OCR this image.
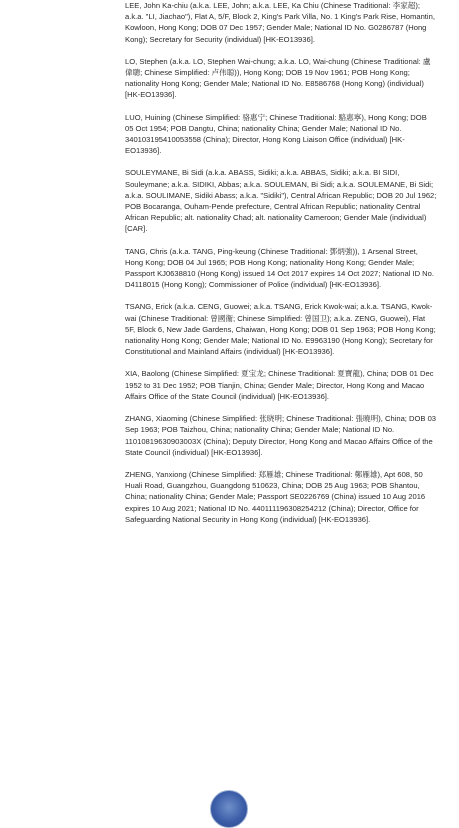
LEE, John Ka-chiu (a.k.a. LEE, John; a.k.a. LEE, Ka Chiu (Chinese Traditional: 李家超); a.k.a. "LI, Jiachao"), Flat A, 5/F, Block 2, King's Park Villa, No. 1 King's Park Rise, Homantin, Kowloon, Hong Kong; DOB 07 Dec 1957; Gender Male; National ID No. G0286787 (Hong Kong); Secretary for Security (individual) [HK-EO13936].

LO, Stephen (a.k.a. LO, Stephen Wai-chung; a.k.a. LO, Wai-chung (Chinese Traditional: 盧偉聰; Chinese Simplified: 卢伟聪)), Hong Kong; DOB 19 Nov 1961; POB Hong Kong; nationality Hong Kong; Gender Male; National ID No. E8586768 (Hong Kong) (individual) [HK-EO13936].

LUO, Huining (Chinese Simplified: 骆惠宁; Chinese Traditional: 駱惠寧), Hong Kong; DOB 05 Oct 1954; POB Dangtu, China; nationality China; Gender Male; National ID No. 340103195410053558 (China); Director, Hong Kong Liaison Office (individual) [HK-EO13936].

SOULEYMANE, Bi Sidi (a.k.a. ABASS, Sidiki; a.k.a. ABBAS, Sidiki; a.k.a. BI SIDI, Souleymane; a.k.a. SIDIKI, Abbas; a.k.a. SOULEMAN, Bi Sidi; a.k.a. SOULEMANE, Bi Sidi; a.k.a. SOULIMANE, Sidiki Abass; a.k.a. "Sidiki"), Central African Republic; DOB 20 Jul 1962; POB Bocaranga, Ouham-Pende prefecture, Central African Republic; nationality Central African Republic; alt. nationality Chad; alt. nationality Cameroon; Gender Male (individual) [CAR].

TANG, Chris (a.k.a. TANG, Ping-keung (Chinese Traditional: 鄧炳強)), 1 Arsenal Street, Hong Kong; DOB 04 Jul 1965; POB Hong Kong; nationality Hong Kong; Gender Male; Passport KJ0638810 (Hong Kong) issued 14 Oct 2017 expires 14 Oct 2027; National ID No. D4118015 (Hong Kong); Commissioner of Police (individual) [HK-EO13936].

TSANG, Erick (a.k.a. CENG, Guowei; a.k.a. TSANG, Erick Kwok-wai; a.k.a. TSANG, Kwok-wai (Chinese Traditional: 曾國衞; Chinese Simplified: 曾国卫); a.k.a. ZENG, Guowei), Flat 5F, Block 6, New Jade Gardens, Chaiwan, Hong Kong; DOB 01 Sep 1963; POB Hong Kong; nationality Hong Kong; Gender Male; National ID No. E9963190 (Hong Kong); Secretary for Constitutional and Mainland Affairs (individual) [HK-EO13936].

XIA, Baolong (Chinese Simplified: 夏宝龙; Chinese Traditional: 夏寶龍), China; DOB 01 Dec 1952 to 31 Dec 1952; POB Tianjin, China; Gender Male; Director, Hong Kong and Macao Affairs Office of the State Council (individual) [HK-EO13936].

ZHANG, Xiaoming (Chinese Simplified: 张晓明; Chinese Traditional: 張曉明), China; DOB 03 Sep 1963; POB Taizhou, China; nationality China; Gender Male; National ID No. 11010819630903003X (China); Deputy Director, Hong Kong and Macao Affairs Office of the State Council (individual) [HK-EO13936].

ZHENG, Yanxiong (Chinese Simplified: 郑雁雄; Chinese Traditional: 鄭雁雄), Apt 608, 50 Huali Road, Guangzhou, Guangdong 510623, China; DOB 25 Aug 1963; POB Shantou, China; nationality China; Gender Male; Passport SE0226769 (China) issued 10 Aug 2016 expires 10 Aug 2021; National ID No. 440111196308254212 (China); Director, Office for Safeguarding National Security in Hong Kong (individual) [HK-EO13936].
